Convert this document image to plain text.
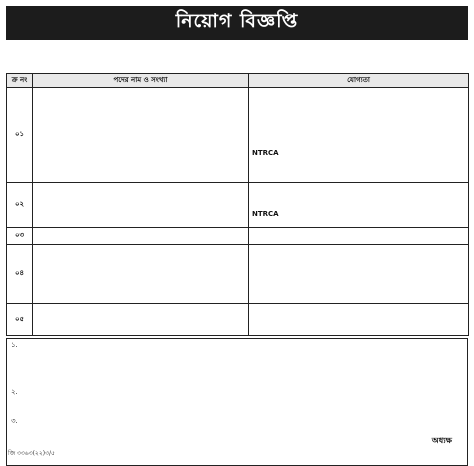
নিয়োগ বিজ্ঞপ্তি
ক্র নং	পদের নাম ও সংখ্যা	যোগ্যতা
০১		NTRCA

০২		NTRCA

০৩	

০৪	

০৫	

১.
২.
৩.
অধ্যক্ষ
জি ৩৩৬৩(২২)৩/৫
